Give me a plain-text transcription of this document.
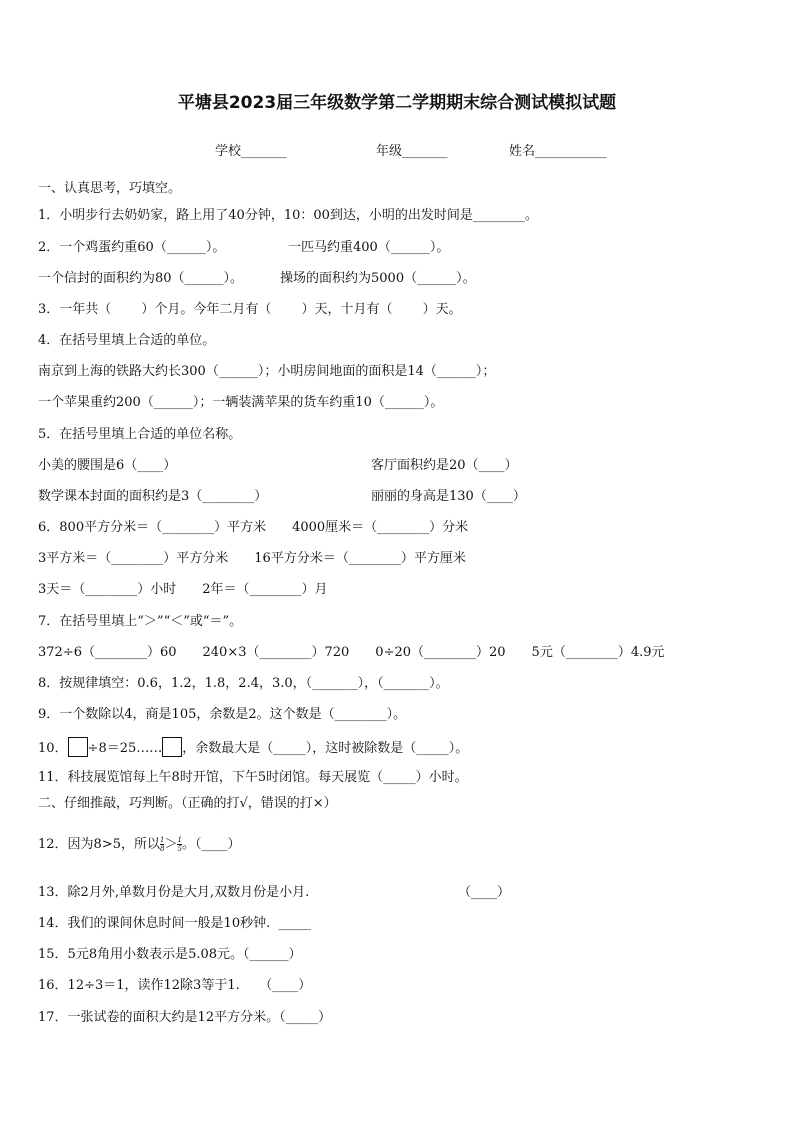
平塘县2023届三年级数学第二学期期末综合测试模拟试题
学校_______	年级_______	姓名___________
一、认真思考，巧填空。
1．小明步行去奶奶家，路上用了40分钟，10：00到达，小明的出发时间是________。
2．一个鸡蛋约重60（______）。	一匹马约重400（______）。
一个信封的面积约为80（______）。	操场的面积约为5000（______）。
3．一年共（　　 ）个月。今年二月有（　　 ）天，十月有（　　 ）天。
4．在括号里填上合适的单位。
南京到上海的铁路大约长300（______）；小明房间地面的面积是14（______）；
一个苹果重约200（______）；一辆装满苹果的货车约重10（______）。
5．在括号里填上合适的单位名称。
小美的腰围是6（____）	客厅面积约是20（____）
数学课本封面的面积约是3（________）	丽丽的身高是130（____）
6．800平方分米＝（________）平方米　　4000厘米＝（________）分米
3平方米＝（________）平方分米　　16平方分米＝（________）平方厘米
3天＝（________）小时　　2年＝（________）月
7．在括号里填上“＞”“＜”或“＝”。
372÷6（________）60　　240×3（________）720　　0÷20（________）20　　5元（________）4.9元
8．按规律填空：0.6，1.2，1.8，2.4，3.0，（_______），（_______）。
9．一个数除以4，商是105，余数是2。这个数是（________）。
10． ÷8＝25…… ，余数最大是（_____），这时被除数是（_____）。
11．科技展览馆每上午8时开馆，下午5时闭馆。每天展览（_____）小时。
二、仔细推敲，巧判断。（正确的打√，错误的打×）
12．因为8>5，所以 $\frac{1}{8} > \frac{1}{5}$ 。（____）
13．除2月外,单数月份是大月,双数月份是小月.	（____）
14．我们的课间休息时间一般是10秒钟.  _____
15．5元8角用小数表示是5.08元。（______）
16．12÷3＝1，读作12除3等于1.　　（____）
17．一张试卷的面积大约是12平方分米。（_____）
